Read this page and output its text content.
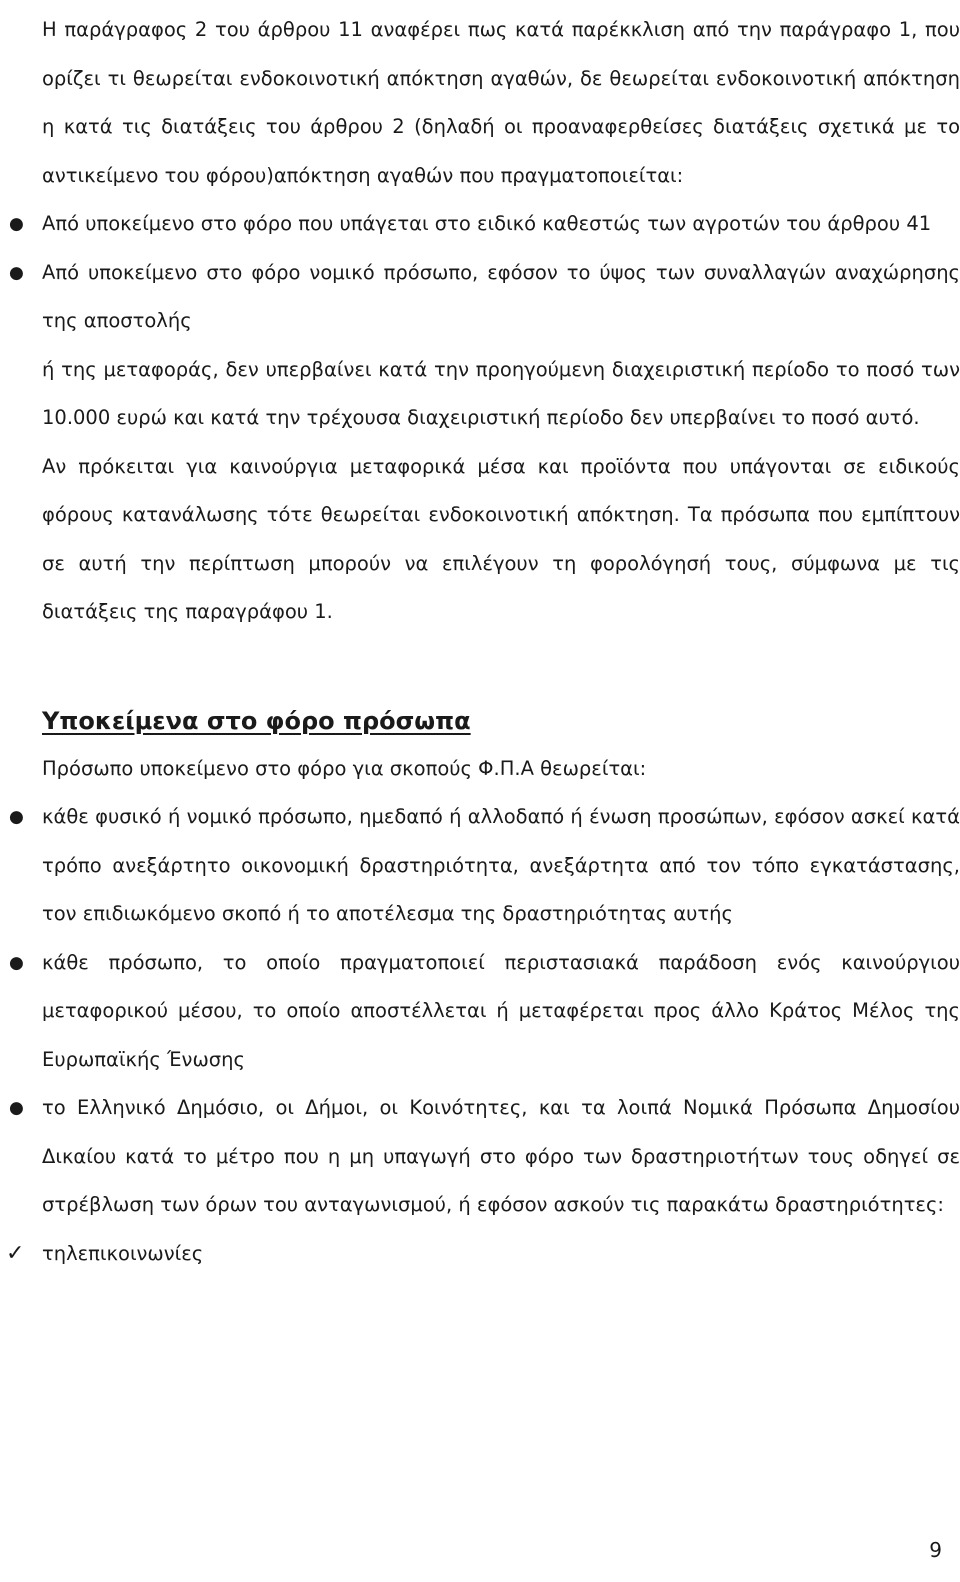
Η παράγραφος 2 του άρθρου 11 αναφέρει πως κατά παρέκκλιση από την παράγραφο 1, που ορίζει τι θεωρείται ενδοκοινοτική απόκτηση αγαθών, δε θεωρείται ενδοκοινοτική απόκτηση η κατά τις διατάξεις του άρθρου 2 (δηλαδή οι προαναφερθείσες διατάξεις σχετικά με το αντικείμενο του φόρου)απόκτηση αγαθών που πραγματοποιείται:

● Από υποκείμενο στο φόρο που υπάγεται στο ειδικό καθεστώς των αγροτών του άρθρου 41

● Από υποκείμενο στο φόρο νομικό πρόσωπο, εφόσον το ύψος των συναλλαγών αναχώρησης της αποστολής

ή της μεταφοράς, δεν υπερβαίνει κατά την προηγούμενη διαχειριστική περίοδο το ποσό των 10.000 ευρώ και κατά την τρέχουσα διαχειριστική περίοδο δεν υπερβαίνει το ποσό αυτό.

Αν πρόκειται για καινούργια μεταφορικά μέσα και προϊόντα που υπάγονται σε ειδικούς φόρους κατανάλωσης τότε θεωρείται ενδοκοινοτική απόκτηση. Τα πρόσωπα που εμπίπτουν σε αυτή την περίπτωση μπορούν να επιλέγουν τη φορολόγησή τους, σύμφωνα με τις διατάξεις της παραγράφου 1.

Υποκείμενα στο φόρο πρόσωπα

Πρόσωπο υποκείμενο στο φόρο για σκοπούς Φ.Π.Α θεωρείται:

● κάθε φυσικό ή νομικό πρόσωπο, ημεδαπό ή αλλοδαπό ή ένωση προσώπων, εφόσον ασκεί κατά τρόπο ανεξάρτητο οικονομική δραστηριότητα, ανεξάρτητα από τον τόπο εγκατάστασης, τον επιδιωκόμενο σκοπό ή το αποτέλεσμα της δραστηριότητας αυτής

● κάθε πρόσωπο, το οποίο πραγματοποιεί περιστασιακά παράδοση ενός καινούργιου μεταφορικού μέσου, το οποίο αποστέλλεται ή μεταφέρεται προς άλλο Κράτος Μέλος της Ευρωπαϊκής Ένωσης

● το Ελληνικό Δημόσιο, οι Δήμοι, οι Κοινότητες, και τα λοιπά Νομικά Πρόσωπα Δημοσίου Δικαίου κατά το μέτρο που η μη υπαγωγή στο φόρο των δραστηριοτήτων τους οδηγεί σε στρέβλωση των όρων του ανταγωνισμού, ή εφόσον ασκούν τις παρακάτω δραστηριότητες:

✓ τηλεπικοινωνίες

9
